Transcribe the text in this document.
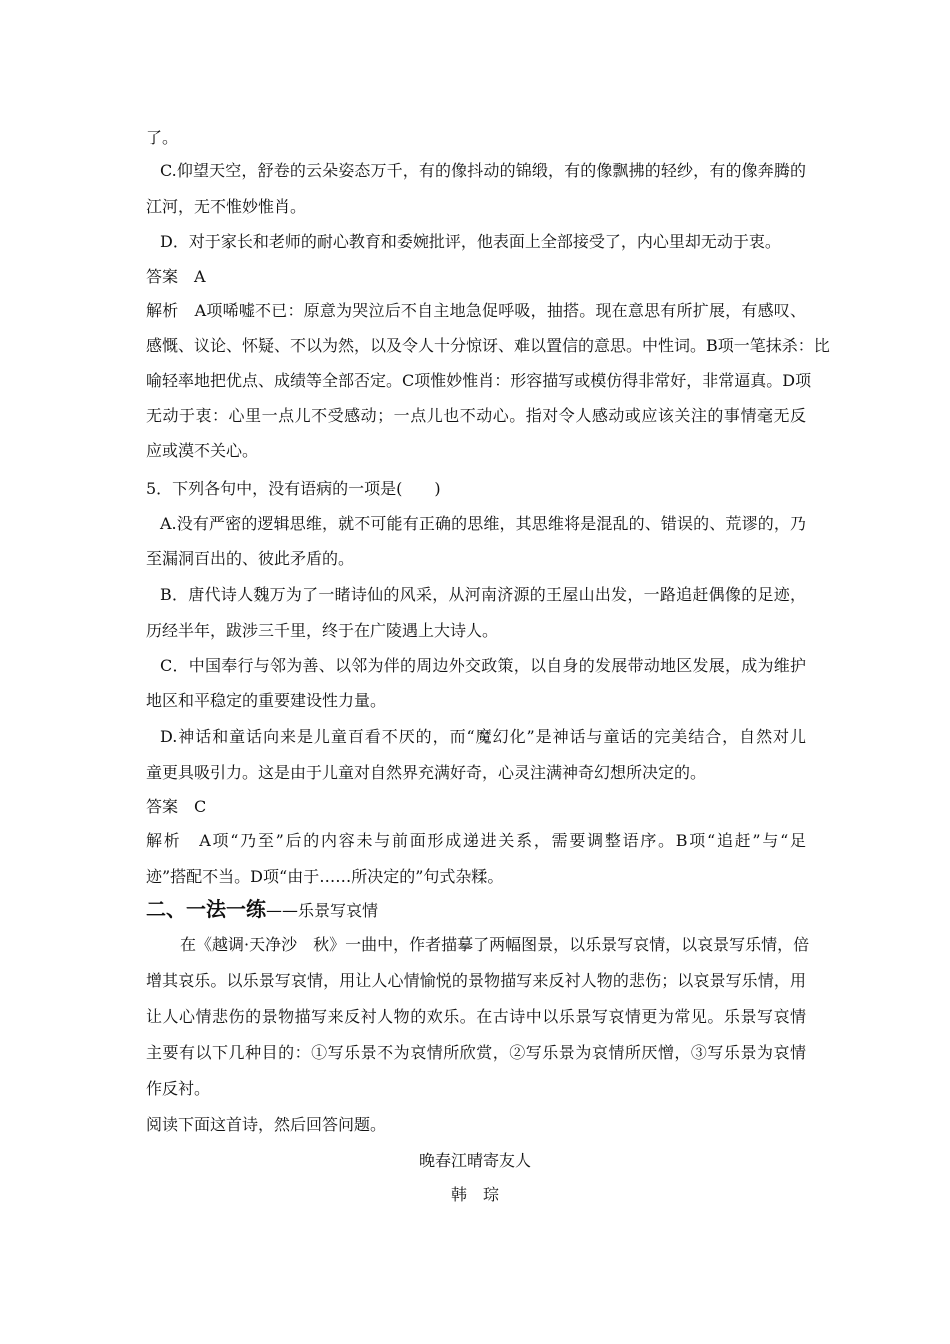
了。
C.仰望天空，舒卷的云朵姿态万千，有的像抖动的锦缎，有的像飘拂的轻纱，有的像奔腾的
江河，无不惟妙惟肖。
D．对于家长和老师的耐心教育和委婉批评，他表面上全部接受了，内心里却无动于衷。
答案　A
解析　A项唏嘘不已：原意为哭泣后不自主地急促呼吸，抽搭。现在意思有所扩展，有感叹、
感慨、议论、怀疑、不以为然，以及令人十分惊讶、难以置信的意思。中性词。B项一笔抹杀：比
喻轻率地把优点、成绩等全部否定。C项惟妙惟肖：形容描写或模仿得非常好，非常逼真。D项
无动于衷：心里一点儿不受感动；一点儿也不动心。指对令人感动或应该关注的事情毫无反
应或漠不关心。
5．下列各句中，没有语病的一项是(　　)
A.没有严密的逻辑思维，就不可能有正确的思维，其思维将是混乱的、错误的、荒谬的，乃
至漏洞百出的、彼此矛盾的。
B．唐代诗人魏万为了一睹诗仙的风采，从河南济源的王屋山出发，一路追赶偶像的足迹，
历经半年，跋涉三千里，终于在广陵遇上大诗人。
C．中国奉行与邻为善、以邻为伴的周边外交政策，以自身的发展带动地区发展，成为维护
地区和平稳定的重要建设性力量。
D.神话和童话向来是儿童百看不厌的，而“魔幻化”是神话与童话的完美结合，自然对儿
童更具吸引力。这是由于儿童对自然界充满好奇，心灵注满神奇幻想所决定的。
答案　C
解析　A项“乃至”后的内容未与前面形成递进关系，需要调整语序。B项“追赶”与“足
迹”搭配不当。D项“由于……所决定的”句式杂糅。
二、一法一练——乐景写哀情
在《越调·天净沙　秋》一曲中，作者描摹了两幅图景，以乐景写哀情，以哀景写乐情，倍
增其哀乐。以乐景写哀情，用让人心情愉悦的景物描写来反衬人物的悲伤；以哀景写乐情，用
让人心情悲伤的景物描写来反衬人物的欢乐。在古诗中以乐景写哀情更为常见。乐景写哀情
主要有以下几种目的：①写乐景不为哀情所欣赏，②写乐景为哀情所厌憎，③写乐景为哀情
作反衬。
阅读下面这首诗，然后回答问题。
晚春江晴寄友人
韩　琮
